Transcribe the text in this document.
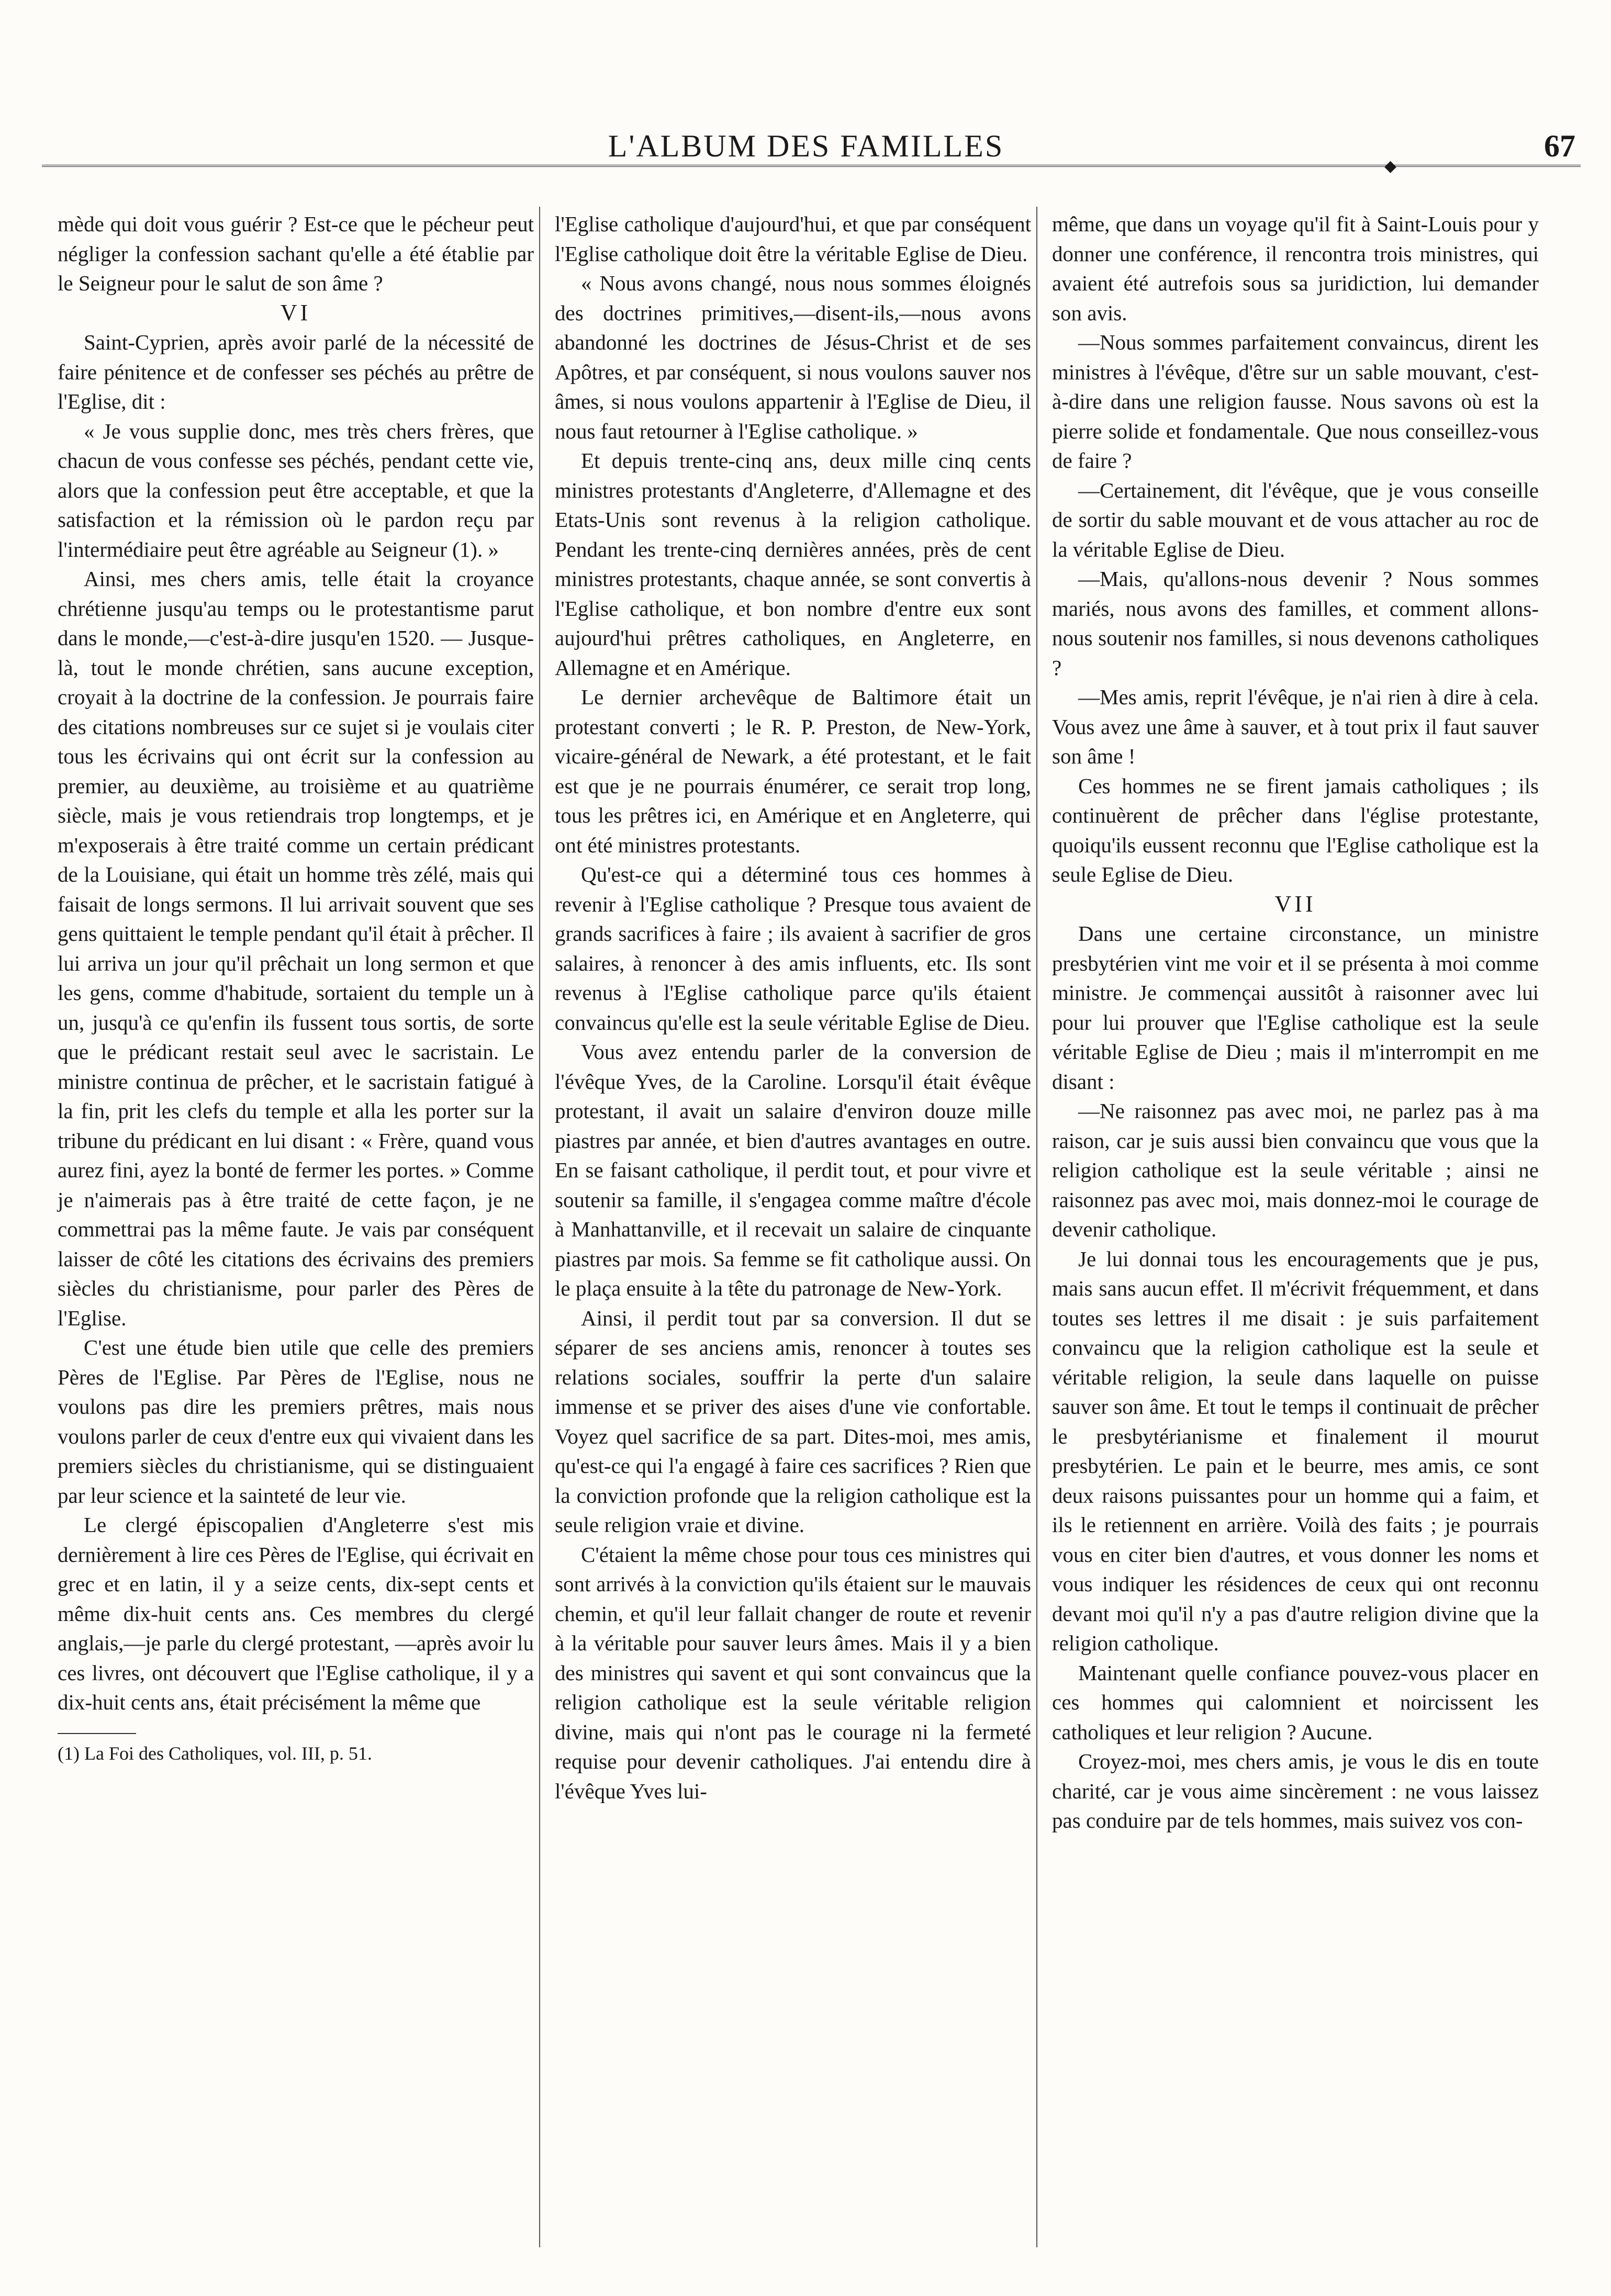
L'ALBUM DES FAMILLES	67
◆

mède qui doit vous guérir ? Est-ce que le pécheur peut négliger la confession sachant qu'elle a été établie par le Seigneur pour le salut de son âme ?

VI

Saint-Cyprien, après avoir parlé de la nécessité de faire pénitence et de confesser ses péchés au prêtre de l'Eglise, dit :

« Je vous supplie donc, mes très chers frères, que chacun de vous confesse ses péchés, pendant cette vie, alors que la confession peut être acceptable, et que la satisfaction et la rémission où le pardon reçu par l'intermédiaire peut être agréable au Seigneur (1). »

Ainsi, mes chers amis, telle était la croyance chrétienne jusqu'au temps ou le protestantisme parut dans le monde,—c'est-à-dire jusqu'en 1520. — Jusque-là, tout le monde chrétien, sans aucune exception, croyait à la doctrine de la confession. Je pourrais faire des citations nombreuses sur ce sujet si je voulais citer tous les écrivains qui ont écrit sur la confession au premier, au deuxième, au troisième et au quatrième siècle, mais je vous retiendrais trop longtemps, et je m'exposerais à être traité comme un certain prédicant de la Louisiane, qui était un homme très zélé, mais qui faisait de longs sermons. Il lui arrivait souvent que ses gens quittaient le temple pendant qu'il était à prêcher. Il lui arriva un jour qu'il prêchait un long sermon et que les gens, comme d'habitude, sortaient du temple un à un, jusqu'à ce qu'enfin ils fussent tous sortis, de sorte que le prédicant restait seul avec le sacristain. Le ministre continua de prêcher, et le sacristain fatigué à la fin, prit les clefs du temple et alla les porter sur la tribune du prédicant en lui disant : « Frère, quand vous aurez fini, ayez la bonté de fermer les portes. » Comme je n'aimerais pas à être traité de cette façon, je ne commettrai pas la même faute. Je vais par conséquent laisser de côté les citations des écrivains des premiers siècles du christianisme, pour parler des Pères de l'Eglise.

C'est une étude bien utile que celle des premiers Pères de l'Eglise. Par Pères de l'Eglise, nous ne voulons pas dire les premiers prêtres, mais nous voulons parler de ceux d'entre eux qui vivaient dans les premiers siècles du christianisme, qui se distinguaient par leur science et la sainteté de leur vie.

Le clergé épiscopalien d'Angleterre s'est mis dernièrement à lire ces Pères de l'Eglise, qui écrivait en grec et en latin, il y a seize cents, dix-sept cents et même dix-huit cents ans. Ces membres du clergé anglais,—je parle du clergé protestant, —après avoir lu ces livres, ont découvert que l'Eglise catholique, il y a dix-huit cents ans, était précisément la même que

(1) La Foi des Catholiques, vol. III, p. 51.

l'Eglise catholique d'aujourd'hui, et que par conséquent l'Eglise catholique doit être la véritable Eglise de Dieu.

« Nous avons changé, nous nous sommes éloignés des doctrines primitives,—disent-ils,—nous avons abandonné les doctrines de Jésus-Christ et de ses Apôtres, et par conséquent, si nous voulons sauver nos âmes, si nous voulons appartenir à l'Eglise de Dieu, il nous faut retourner à l'Eglise catholique. »

Et depuis trente-cinq ans, deux mille cinq cents ministres protestants d'Angleterre, d'Allemagne et des Etats-Unis sont revenus à la religion catholique. Pendant les trente-cinq dernières années, près de cent ministres protestants, chaque année, se sont convertis à l'Eglise catholique, et bon nombre d'entre eux sont aujourd'hui prêtres catholiques, en Angleterre, en Allemagne et en Amérique.

Le dernier archevêque de Baltimore était un protestant converti ; le R. P. Preston, de New-York, vicaire-général de Newark, a été protestant, et le fait est que je ne pourrais énumérer, ce serait trop long, tous les prêtres ici, en Amérique et en Angleterre, qui ont été ministres protestants.

Qu'est-ce qui a déterminé tous ces hommes à revenir à l'Eglise catholique ? Presque tous avaient de grands sacrifices à faire ; ils avaient à sacrifier de gros salaires, à renoncer à des amis influents, etc. Ils sont revenus à l'Eglise catholique parce qu'ils étaient convaincus qu'elle est la seule véritable Eglise de Dieu.

Vous avez entendu parler de la conversion de l'évêque Yves, de la Caroline. Lorsqu'il était évêque protestant, il avait un salaire d'environ douze mille piastres par année, et bien d'autres avantages en outre. En se faisant catholique, il perdit tout, et pour vivre et soutenir sa famille, il s'engagea comme maître d'école à Manhattanville, et il recevait un salaire de cinquante piastres par mois. Sa femme se fit catholique aussi. On le plaça ensuite à la tête du patronage de New-York.

Ainsi, il perdit tout par sa conversion. Il dut se séparer de ses anciens amis, renoncer à toutes ses relations sociales, souffrir la perte d'un salaire immense et se priver des aises d'une vie confortable. Voyez quel sacrifice de sa part. Dites-moi, mes amis, qu'est-ce qui l'a engagé à faire ces sacrifices ? Rien que la conviction profonde que la religion catholique est la seule religion vraie et divine.

C'étaient la même chose pour tous ces ministres qui sont arrivés à la conviction qu'ils étaient sur le mauvais chemin, et qu'il leur fallait changer de route et revenir à la véritable pour sauver leurs âmes. Mais il y a bien des ministres qui savent et qui sont convaincus que la religion catholique est la seule véritable religion divine, mais qui n'ont pas le courage ni la fermeté requise pour devenir catholiques. J'ai entendu dire à l'évêque Yves lui-

même, que dans un voyage qu'il fit à Saint-Louis pour y donner une conférence, il rencontra trois ministres, qui avaient été autrefois sous sa juridiction, lui demander son avis.

—Nous sommes parfaitement convaincus, dirent les ministres à l'évêque, d'être sur un sable mouvant, c'est-à-dire dans une religion fausse. Nous savons où est la pierre solide et fondamentale. Que nous conseillez-vous de faire ?

—Certainement, dit l'évêque, que je vous conseille de sortir du sable mouvant et de vous attacher au roc de la véritable Eglise de Dieu.

—Mais, qu'allons-nous devenir ? Nous sommes mariés, nous avons des familles, et comment allons-nous soutenir nos familles, si nous devenons catholiques ?

—Mes amis, reprit l'évêque, je n'ai rien à dire à cela. Vous avez une âme à sauver, et à tout prix il faut sauver son âme !

Ces hommes ne se firent jamais catholiques ; ils continuèrent de prêcher dans l'église protestante, quoiqu'ils eussent reconnu que l'Eglise catholique est la seule Eglise de Dieu.

VII

Dans une certaine circonstance, un ministre presbytérien vint me voir et il se présenta à moi comme ministre. Je commençai aussitôt à raisonner avec lui pour lui prouver que l'Eglise catholique est la seule véritable Eglise de Dieu ; mais il m'interrompit en me disant :

—Ne raisonnez pas avec moi, ne parlez pas à ma raison, car je suis aussi bien convaincu que vous que la religion catholique est la seule véritable ; ainsi ne raisonnez pas avec moi, mais donnez-moi le courage de devenir catholique.

Je lui donnai tous les encouragements que je pus, mais sans aucun effet. Il m'écrivit fréquemment, et dans toutes ses lettres il me disait : je suis parfaitement convaincu que la religion catholique est la seule et véritable religion, la seule dans laquelle on puisse sauver son âme. Et tout le temps il continuait de prêcher le presbytérianisme et finalement il mourut presbytérien. Le pain et le beurre, mes amis, ce sont deux raisons puissantes pour un homme qui a faim, et ils le retiennent en arrière. Voilà des faits ; je pourrais vous en citer bien d'autres, et vous donner les noms et vous indiquer les résidences de ceux qui ont reconnu devant moi qu'il n'y a pas d'autre religion divine que la religion catholique.

Maintenant quelle confiance pouvez-vous placer en ces hommes qui calomnient et noircissent les catholiques et leur religion ? Aucune.

Croyez-moi, mes chers amis, je vous le dis en toute charité, car je vous aime sincèrement : ne vous laissez pas conduire par de tels hommes, mais suivez vos con-
